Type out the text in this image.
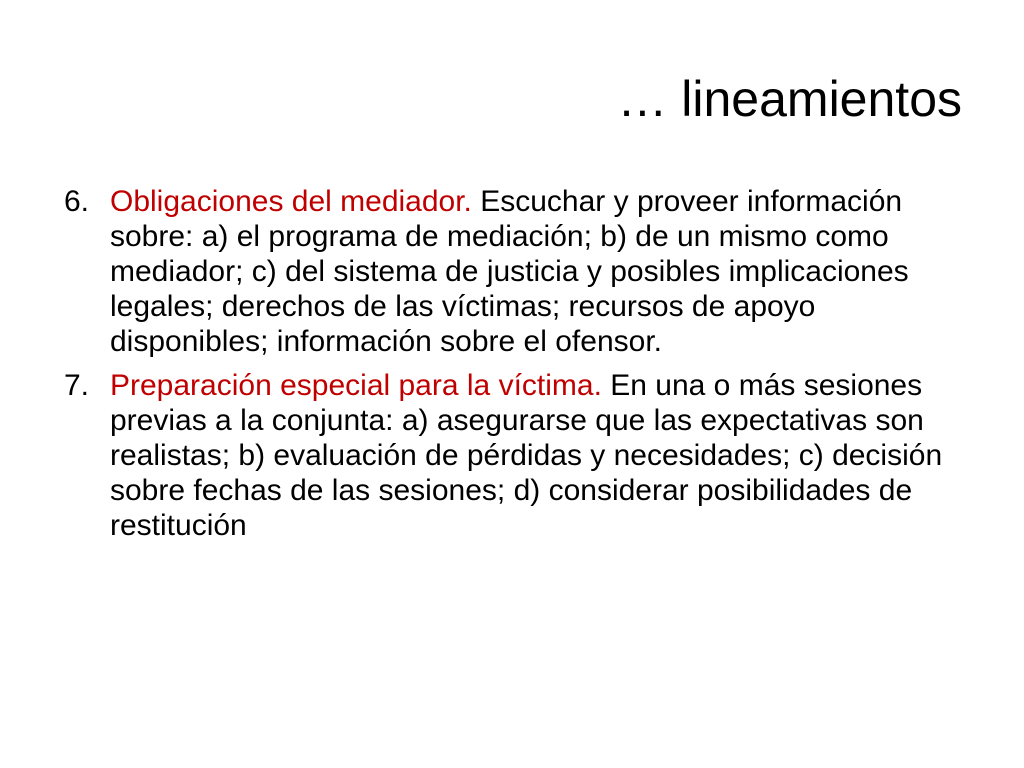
… lineamientos
6. Obligaciones del mediador. Escuchar y proveer información sobre: a) el programa de mediación; b) de un mismo como mediador; c) del sistema de justicia y posibles implicaciones legales; derechos de las víctimas; recursos de apoyo disponibles; información sobre el ofensor.
7. Preparación especial para la víctima. En una o más sesiones previas a la conjunta: a) asegurarse que las expectativas son realistas; b) evaluación de pérdidas y necesidades; c) decisión sobre fechas de las sesiones; d) considerar posibilidades de restitución
